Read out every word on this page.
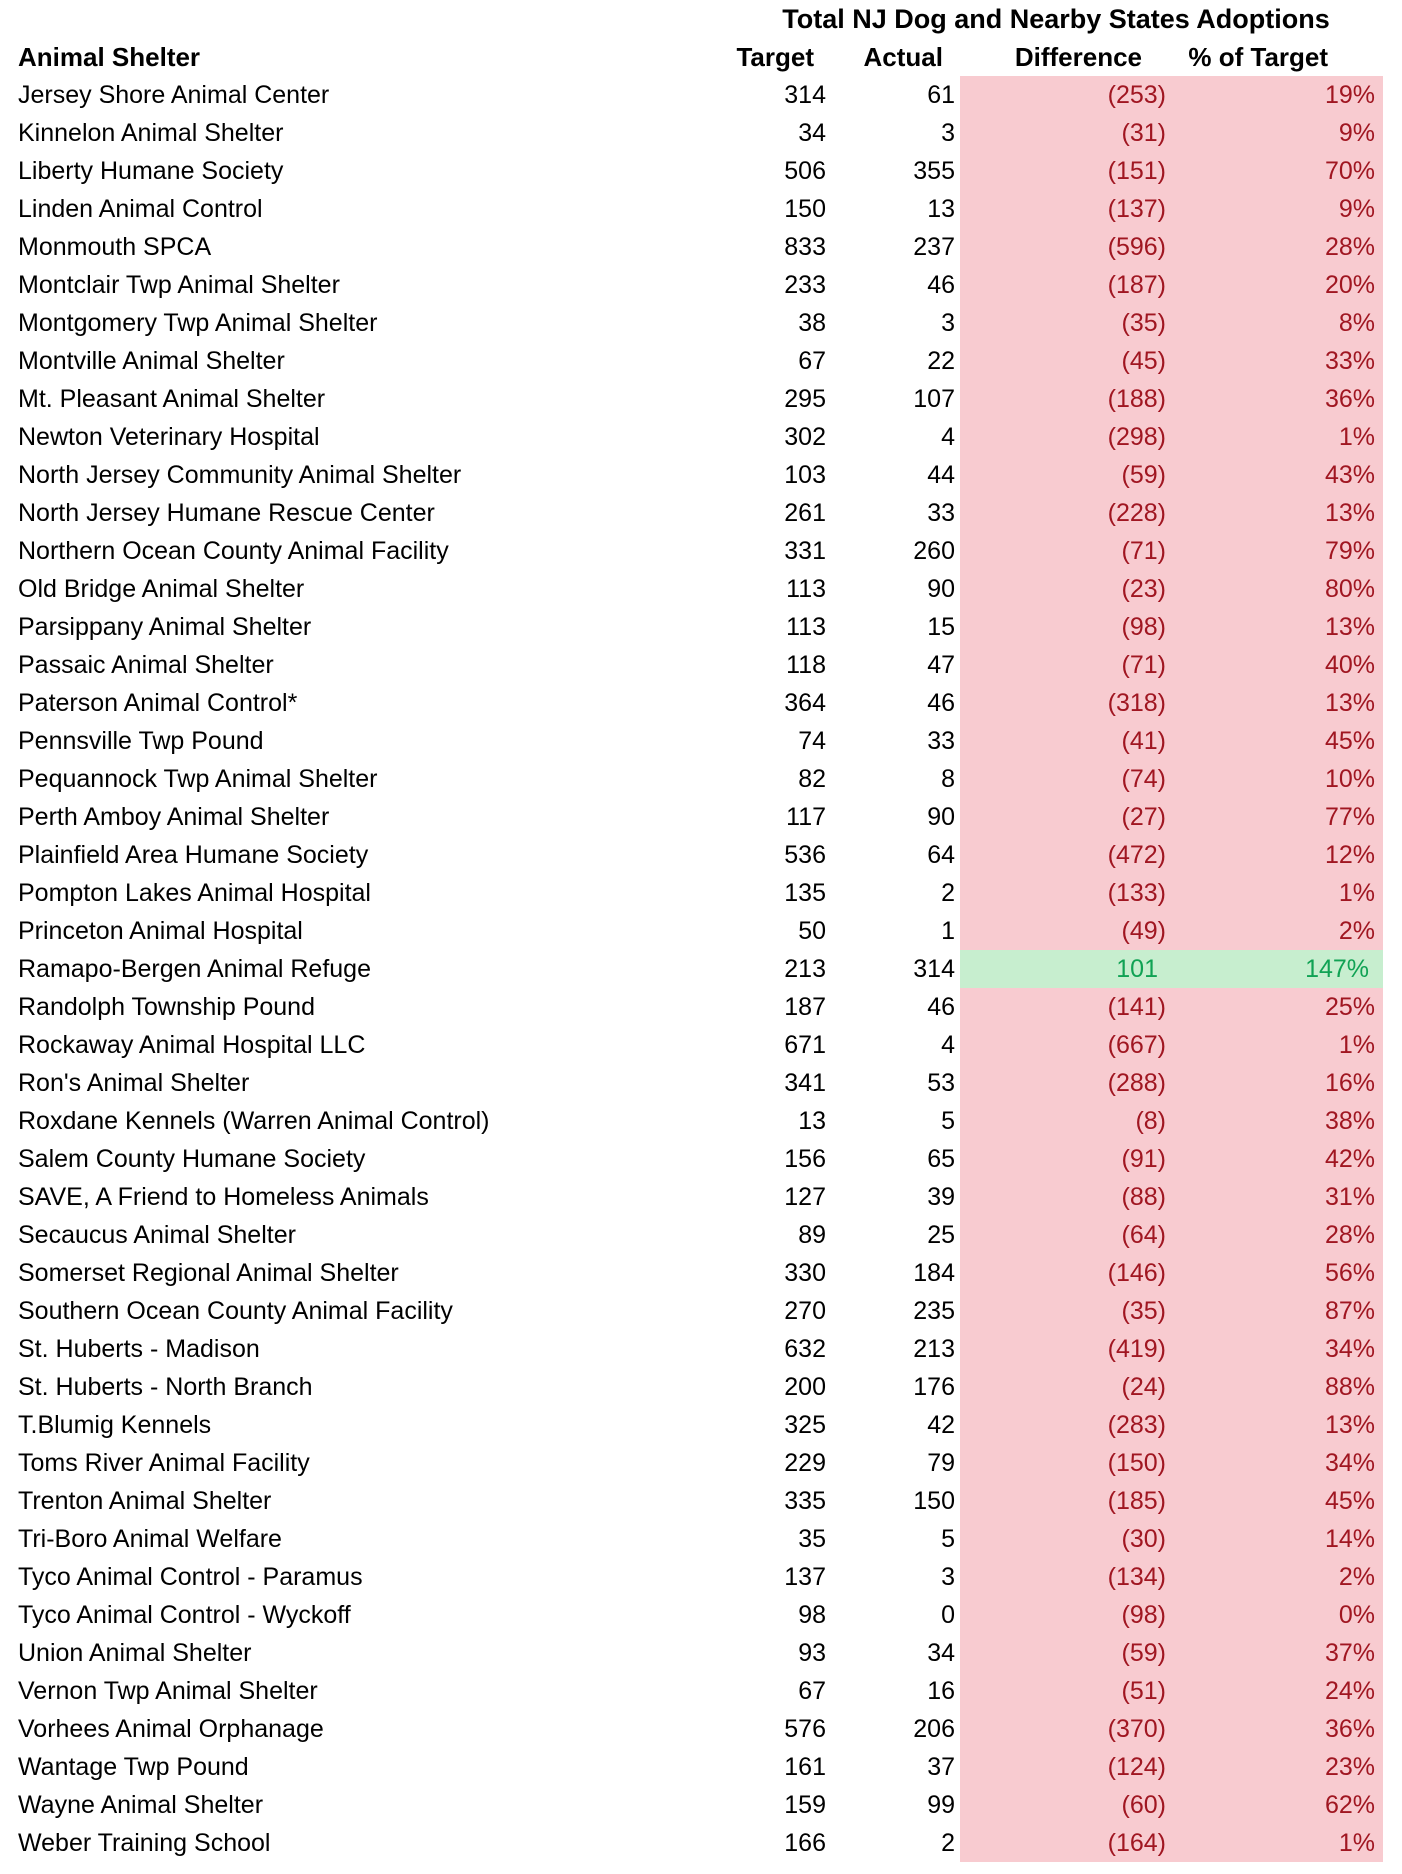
Total NJ Dog and Nearby States Adoptions				

Animal Shelter	Target	Actual	Difference	% of Target
Jersey Shore Animal Center	314	61	(253)	19%
Kinnelon Animal Shelter	34	3	(31)	9%
Liberty Humane Society	506	355	(151)	70%
Linden Animal Control	150	13	(137)	9%
Monmouth SPCA	833	237	(596)	28%
Montclair Twp Animal Shelter	233	46	(187)	20%
Montgomery Twp Animal Shelter	38	3	(35)	8%
Montville Animal Shelter	67	22	(45)	33%
Mt. Pleasant Animal Shelter	295	107	(188)	36%
Newton Veterinary Hospital	302	4	(298)	1%
North Jersey Community Animal Shelter	103	44	(59)	43%
North Jersey Humane Rescue Center	261	33	(228)	13%
Northern Ocean County Animal Facility	331	260	(71)	79%
Old Bridge Animal Shelter	113	90	(23)	80%
Parsippany Animal Shelter	113	15	(98)	13%
Passaic Animal Shelter	118	47	(71)	40%
Paterson Animal Control*	364	46	(318)	13%
Pennsville Twp Pound	74	33	(41)	45%
Pequannock Twp Animal Shelter	82	8	(74)	10%
Perth Amboy Animal Shelter	117	90	(27)	77%
Plainfield Area Humane Society	536	64	(472)	12%
Pompton Lakes Animal Hospital	135	2	(133)	1%
Princeton Animal Hospital	50	1	(49)	2%
Ramapo-Bergen Animal Refuge	213	314	101	147%
Randolph Township Pound	187	46	(141)	25%
Rockaway Animal Hospital LLC	671	4	(667)	1%
Ron's Animal Shelter	341	53	(288)	16%
Roxdane Kennels (Warren Animal Control)	13	5	(8)	38%
Salem County Humane Society	156	65	(91)	42%
SAVE, A Friend to Homeless Animals	127	39	(88)	31%
Secaucus Animal Shelter	89	25	(64)	28%
Somerset Regional Animal Shelter	330	184	(146)	56%
Southern Ocean County Animal Facility	270	235	(35)	87%
St. Huberts - Madison	632	213	(419)	34%
St. Huberts - North Branch	200	176	(24)	88%
T.Blumig Kennels	325	42	(283)	13%
Toms River Animal Facility	229	79	(150)	34%
Trenton Animal Shelter	335	150	(185)	45%
Tri-Boro Animal Welfare	35	5	(30)	14%
Tyco Animal Control - Paramus	137	3	(134)	2%
Tyco Animal Control - Wyckoff	98	0	(98)	0%
Union Animal Shelter	93	34	(59)	37%
Vernon Twp Animal Shelter	67	16	(51)	24%
Vorhees Animal Orphanage	576	206	(370)	36%
Wantage Twp Pound	161	37	(124)	23%
Wayne Animal Shelter	159	99	(60)	62%
Weber Training School	166	2	(164)	1%
